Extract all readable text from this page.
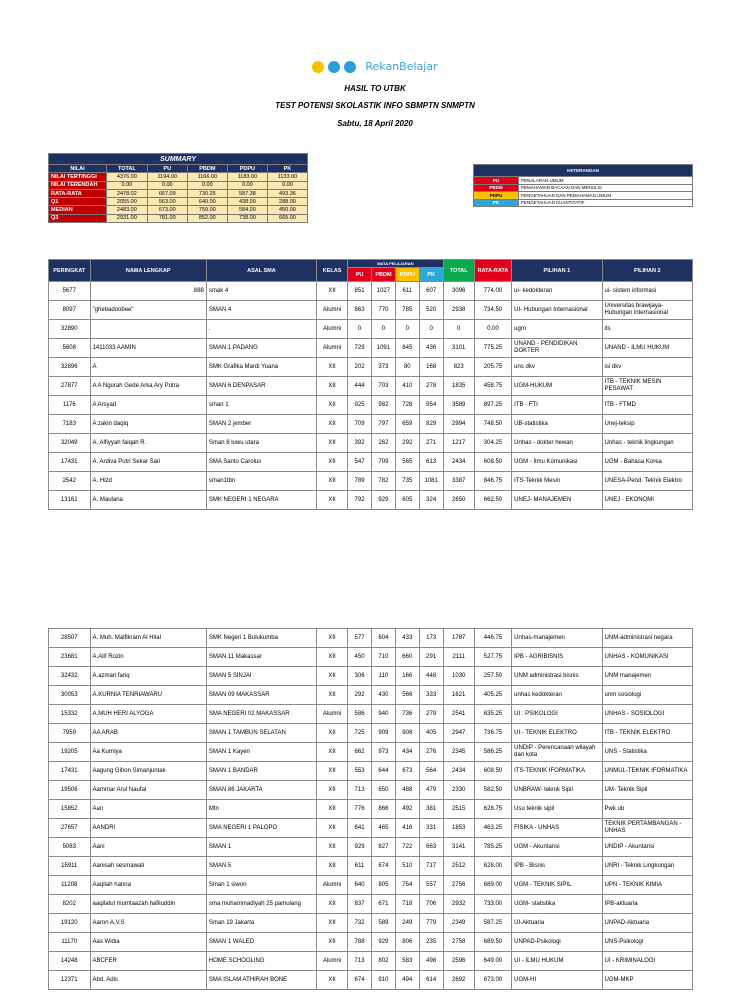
RekanBelajar
HASIL TO UTBK
TEST POTENSI SKOLASTIK INFO SBMPTN SNMPTN
Sabtu, 18 April 2020
SUMMARY					
NILAI	TOTAL	PU	PBDM	PDPU	PK
NILAI TERTINGGI	4376.00	1194.00	1166.00	1183.00	1133.00
NILAI TERENDAH	0.00	0.00	0.00	0.00	0.00
RATA-RATA	2478.02	667.09	730.25	587.38	493.36
Q1	2055.00	563.00	640.00	438.00	288.00
MEDIAN	2483.00	673.00	759.00	584.00	450.00
Q3	2931.00	781.00	852.00	738.00	665.00
KETERANGAN	
PU	PENALARAN UMUM
PBDM	PEMAHAMAN BACAAN DAN MENULIS
PDPU	PENGETAHUAN DAN PEMAHAMAN UMUM
PK	PENGETAHUAN KUANTITATIF
PERINGKAT	NAMA LENGKAP	ASAL SMA	KELAS	MATA PELAJARAN				TOTAL	RATA-RATA	PILIHAN 1	PILIHAN 2
				PU	PBDM	PDPU	PK				
5677	888	smak 4	XII	851	1027	611	607	3096	774.00	ui- kedokteran	ui- sistem informasi
8097	"ghebadoobee"	SMAN 4	Alumni	863	770	785	520	2938	734.50	UI- Hubungan Internasional	Universitas brawijaya- Hubungan internasional
32890		.	Alumni	0	0	0	0	0	0.00	ugm	its
5608	1411033 AAMIN	SMAN 1 PADANG	Alumni	729	1091	845	436	3101	775.25	UNAND - PENDIDIKAN DOKTER	UNAND - ILMU HUKUM
32696	A	SMK Grafika Mardi Yuana	XII	202	373	80	168	823	205.75	uns dkv	isi dkv
27877	A A Ngurah Gede Arka Ary Putra	SMAN 6 DENPASAR	XII	444	703	410	278	1835	458.75	UGM-HUKUM	ITB - TEKNIK MESIN PESAWAT
1176	A Arsyad	sman 1	XII	925	982	728	954	3589	897.25	ITB - FTI	ITB - FTMD
7183	A zakin daqiq	SMAN 2 jember	XII	709	797	659	829	2994	748.50	UB-statistika	Unej-teksip
32049	A. Alfiyyah faiqah R.	Sman 8 luwu utara	XII	392	262	292	271	1217	304.25	Unhas - dokter hewan	Unhas - teknik lingkungan
17431	A. Ardiva Putri Sekar Sari	SMA Santo Carolus	XII	547	709	565	613	2434	608.50	UGM - Ilmu Komunikasi	UGM - Bahasa Korea
2542	A. Hizd	sman1tbn	XII	789	782	735	1081	3387	846.75	ITS-Teknik Mesin	UNESA-Pend. Teknik Elektro
13161	A. Maulana	SMK NEGERI 1 NEGARA	XII	792	929	605	324	2650	662.50	UNEJ- MANAJEMEN	UNEJ - EKONOMI
28507	A. Muh. Malfikram Al Hilal	SMK Negeri 1 Bulukumba	XII	577	604	433	173	1787	446.75	Unhas-manajemen	UNM-administrasi negara
23681	A.Alif Rozin	SMAN 11 Makassar	XII	450	710	660	291	2111	527.75	IPB - AGRIBISNIS	UNHAS - KOMUNIKASI
32432	A.azman fariq	SMAN 5 SINJAI	XII	306	110	166	448	1030	257.50	UNM administrasi bisnis	UNM manajemen
30053	A.KURNIA TENRIAWARU	SMAN 09 MAKASSAR	XII	292	430	566	333	1621	405.25	unhas kedokteran	unm sosiologi
15332	A.MUH HERI ALYOGA	SMA NEGERI 02 MAKASSAR	Alumni	586	940	736	279	2541	635.25	UI : PSIKOLOGI	UNHAS - SOSIOLOGI
7959	AA ARAB	SMAN 1 TAMBUN SELATAN	XII	725	909	908	405	2947	736.75	UI - TEKNIK ELEKTRO	ITB - TEKNIK ELEKTRO
19205	Aa Kurniya	SMAN 1 Kayen	XII	662	973	434	276	2345	586.25	UNDIP - Perencanaan wilayah dan kota	UNS - Statistika
17431	Aagung Gihon Simanjuntak	SMAN 1 BANDAR	XII	553	644	673	564	2434	608.50	ITS-TEKNIK IFORMATIKA	UNMUL-TEKNIK IFORMATIKA
19506	Aammar Arul Naufal	SMAN 86 JAKARTA	XII	713	650	488	479	2330	582.50	UNBRAW- teknik Sipil	UM- Teknik Sipil
15852	Aan	Mtn	XII	776	866	492	381	2515	628.75	Usu teknik sipil	Pwk ub
27657	AANDRI	SMA NEGERI 1 PALOPO	XII	641	465	416	331	1853	463.25	FISIKA - UNHAS	TEKNIK PERTAMBANGAN - UNHAS
5083	Aani	SMAN 1	XII	929	827	722	663	3141	785.25	UGM - Akuntansi	UNDIP - Akuntansi
15911	Aanisah sesmawati	SMAN 5	XII	611	674	510	717	2512	628.00	IPB - Bisnis	UNRI - Teknik Lingkungan
11208	Aaqilah hanna	Sman 1 siwon	Alumni	640	805	754	557	2756	689.00	UGM - TEKNIK SIPIL	UPN - TEKNIK KIMIA
8202	aaqilatul mumtaazah hafiluddin	sma muhammadiyah 25 pamulang	XII	837	671	718	706	2932	733.00	UGM- statistika	IPB-aktuaria
19120	Aaron A.V.S	Sman 19 Jakarta	XII	732	589	249	779	2349	587.25	UI-Aktuaria	UNPAD-Aktuaria
11170	Aas Widia	SMAN 1 WALED	XII	788	929	806	235	2758	689.50	UNPAD-Psikologi	UNS-Psikologi
14248	ABCFER	HOME SCHOOLING	Alumni	713	802	583	498	2596	649.00	UI - ILMU HUKUM	UI - KRIMINALOGI
12371	Abd. Adis	SMA ISLAM ATHIRAH BONE	XII	674	910	494	614	2692	673.00	UGM-HI	UGM-MKP
